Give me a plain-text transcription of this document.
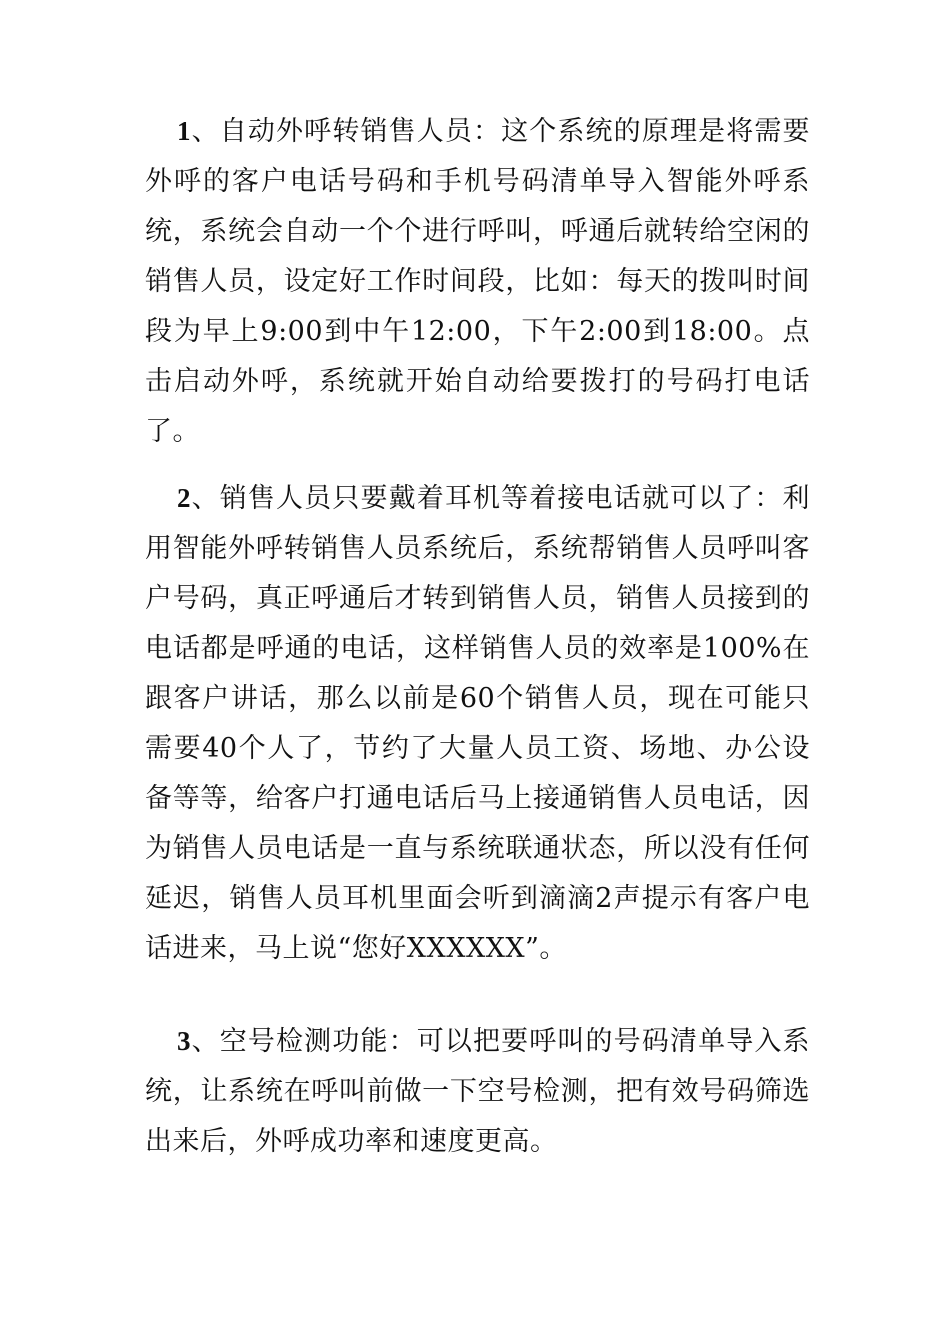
1、自动外呼转销售人员：这个系统的原理是将需要外呼的客户电话号码和手机号码清单导入智能外呼系统，系统会自动一个个进行呼叫，呼通后就转给空闲的销售人员，设定好工作时间段，比如：每天的拨叫时间段为早上9:00到中午12:00，下午2:00到18:00。点击启动外呼，系统就开始自动给要拨打的号码打电话了。

2、销售人员只要戴着耳机等着接电话就可以了：利用智能外呼转销售人员系统后，系统帮销售人员呼叫客户号码，真正呼通后才转到销售人员，销售人员接到的电话都是呼通的电话，这样销售人员的效率是100%在跟客户讲话，那么以前是60个销售人员，现在可能只需要40个人了，节约了大量人员工资、场地、办公设备等等，给客户打通电话后马上接通销售人员电话，因为销售人员电话是一直与系统联通状态，所以没有任何延迟，销售人员耳机里面会听到滴滴2声提示有客户电话进来，马上说“您好XXXXXX”。

3、空号检测功能：可以把要呼叫的号码清单导入系统，让系统在呼叫前做一下空号检测，把有效号码筛选出来后，外呼成功率和速度更高。
